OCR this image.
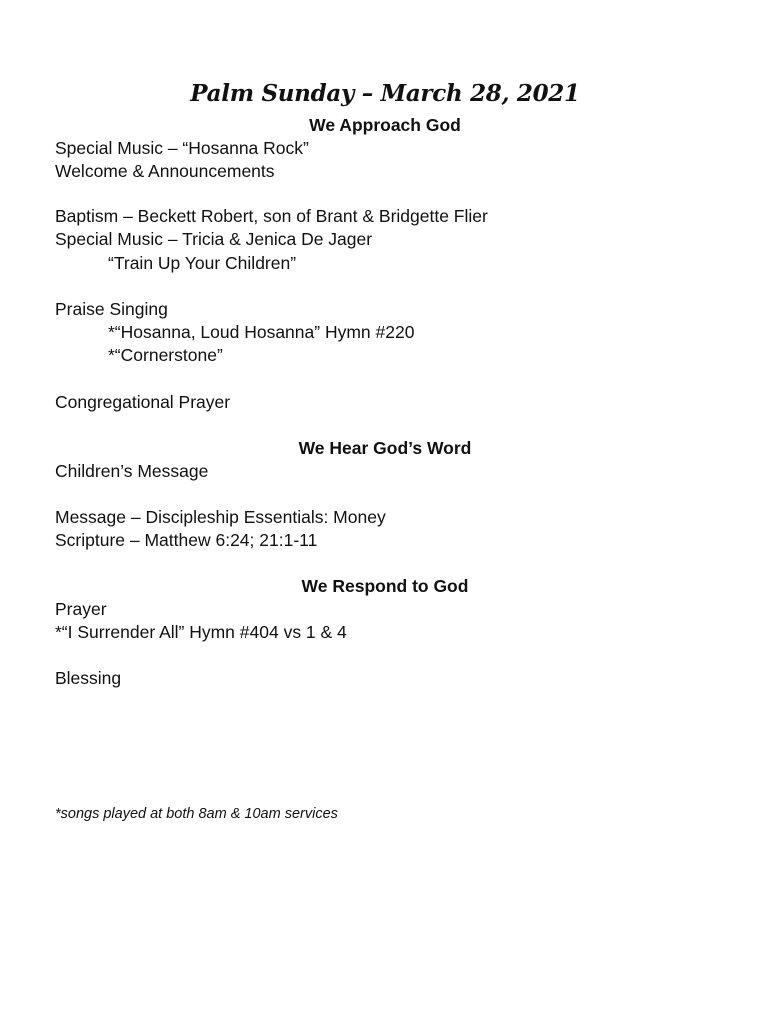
Palm Sunday – March 28, 2021
We Approach God
Special Music – “Hosanna Rock”
Welcome & Announcements
Baptism – Beckett Robert, son of Brant & Bridgette Flier
Special Music – Tricia & Jenica De Jager
“Train Up Your Children”
Praise Singing
*“Hosanna, Loud Hosanna” Hymn #220
*“Cornerstone”
Congregational Prayer
We Hear God’s Word
Children’s Message
Message – Discipleship Essentials: Money
Scripture – Matthew 6:24; 21:1-11
We Respond to God
Prayer
*“I Surrender All” Hymn #404 vs 1 & 4
Blessing
*songs played at both 8am & 10am services
